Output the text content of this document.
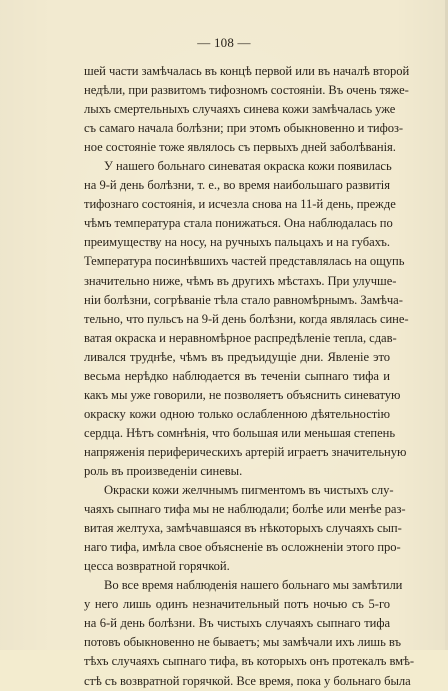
— 108 —
шей части замѣчалась въ концѣ первой или въ началѣ второй
недѣли, при развитомъ тифозномъ состояніи. Въ очень тяже-
лыхъ смертельныхъ случаяхъ синева кожи замѣчалась уже
съ самаго начала болѣзни; при этомъ обыкновенно и тифоз-
ное состояніе тоже являлось съ первыхъ дней заболѣванія.
У нашего больнаго синеватая окраска кожи появилась
на 9-й день болѣзни, т. е., во время наибольшаго развитія
тифознаго состоянія, и исчезла снова на 11-й день, прежде
чѣмъ температура стала понижаться. Она наблюдалась по
преимуществу на носу, на ручныхъ пальцахъ и на губахъ.
Температура посинѣвшихъ частей представлялась на ощупь
значительно ниже, чѣмъ въ другихъ мѣстахъ. При улучше-
ніи болѣзни, согрѣваніе тѣла стало равномѣрнымъ. Замѣча-
тельно, что пульсъ на 9-й день болѣзни, когда являлась сине-
ватая окраска и неравномѣрное распредѣленіе тепла, сдав-
ливался труднѣе, чѣмъ въ предъидущіе дни. Явленіе это
весьма нерѣдко наблюдается въ теченіи сыпнаго тифа и
какъ мы уже говорили, не позволяетъ объяснить синеватую
окраску кожи одною только ослабленною дѣятельностію
сердца. Нѣтъ сомнѣнія, что большая или меньшая степень
напряженія периферическихъ артерій играетъ значительную
роль въ произведеніи синевы.
Окраски кожи желчнымъ пигментомъ въ чистыхъ слу-
чаяхъ сыпнаго тифа мы не наблюдали; болѣе или менѣе раз-
витая желтуха, замѣчавшаяся въ нѣкоторыхъ случаяхъ сып-
наго тифа, имѣла свое объясненіе въ осложненіи этого про-
цесса возвратной горячкой.
Во все время наблюденія нашего больнаго мы замѣтили
у него лишь одинъ незначительный потъ ночью съ 5-го
на 6-й день болѣзни. Въ чистыхъ случаяхъ сыпнаго тифа
потовъ обыкновенно не бываетъ; мы замѣчали ихъ лишь въ
тѣхъ случаяхъ сыпнаго тифа, въ которыхъ онъ протекалъ вмѣ-
стѣ съ возвратной горячкой. Все время, пока у больнаго была
